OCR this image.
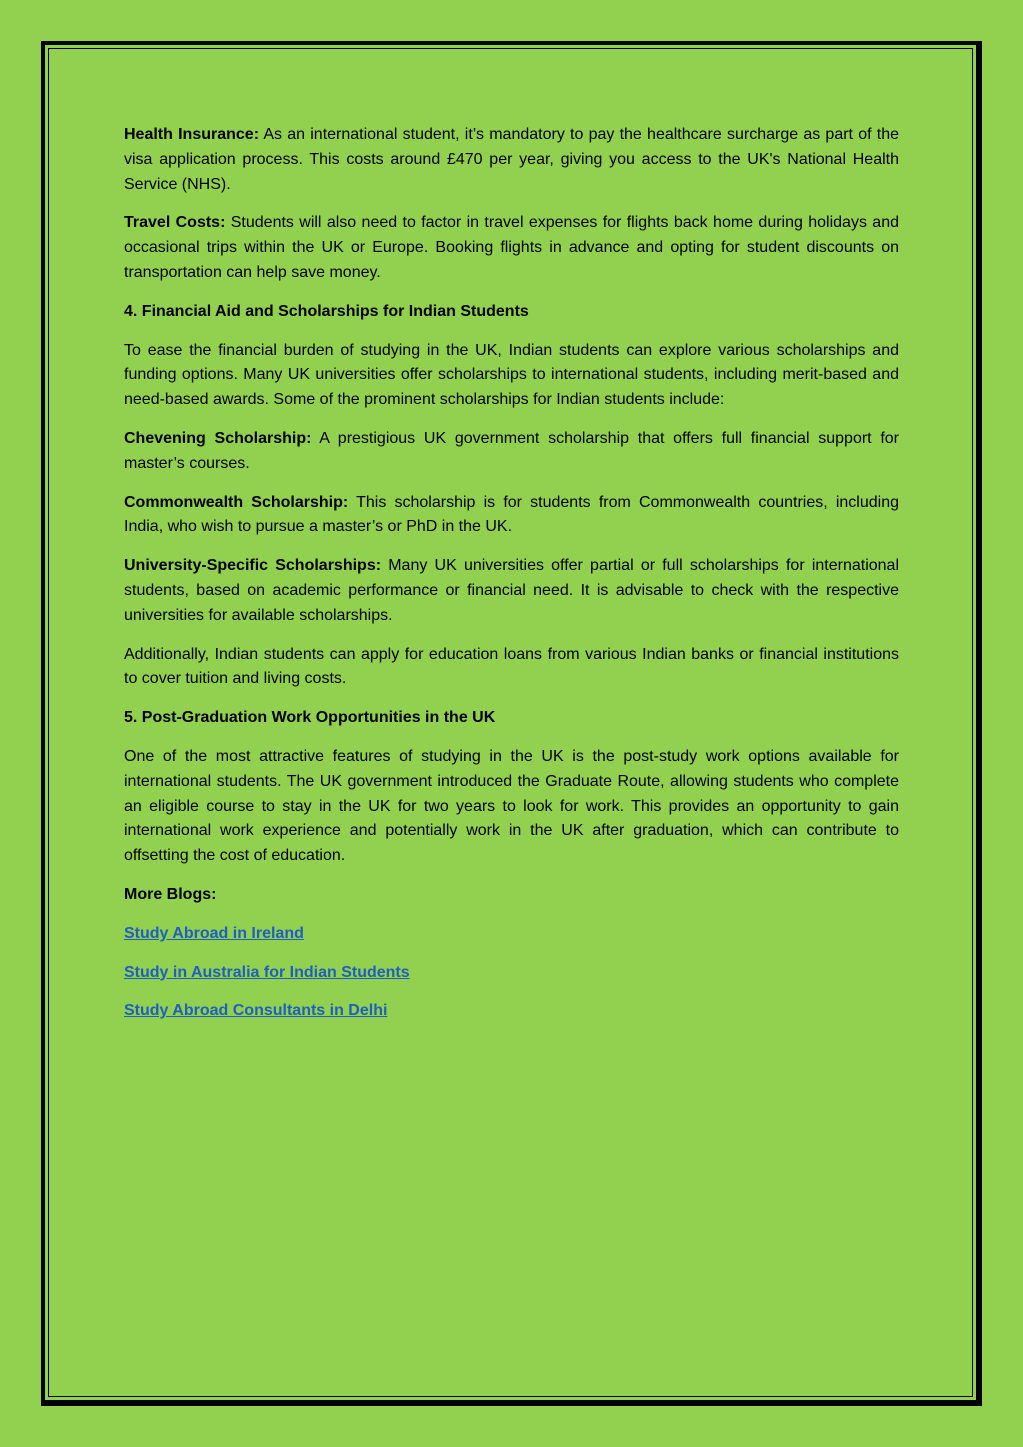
Health Insurance: As an international student, it’s mandatory to pay the healthcare surcharge as part of the visa application process. This costs around £470 per year, giving you access to the UK's National Health Service (NHS).

Travel Costs: Students will also need to factor in travel expenses for flights back home during holidays and occasional trips within the UK or Europe. Booking flights in advance and opting for student discounts on transportation can help save money.

4. Financial Aid and Scholarships for Indian Students

To ease the financial burden of studying in the UK, Indian students can explore various scholarships and funding options. Many UK universities offer scholarships to international students, including merit-based and need-based awards. Some of the prominent scholarships for Indian students include:

Chevening Scholarship: A prestigious UK government scholarship that offers full financial support for master’s courses.

Commonwealth Scholarship: This scholarship is for students from Commonwealth countries, including India, who wish to pursue a master’s or PhD in the UK.

University-Specific Scholarships: Many UK universities offer partial or full scholarships for international students, based on academic performance or financial need. It is advisable to check with the respective universities for available scholarships.

Additionally, Indian students can apply for education loans from various Indian banks or financial institutions to cover tuition and living costs.

5. Post-Graduation Work Opportunities in the UK

One of the most attractive features of studying in the UK is the post-study work options available for international students. The UK government introduced the Graduate Route, allowing students who complete an eligible course to stay in the UK for two years to look for work. This provides an opportunity to gain international work experience and potentially work in the UK after graduation, which can contribute to offsetting the cost of education.

More Blogs:

Study Abroad in Ireland

Study in Australia for Indian Students

Study Abroad Consultants in Delhi
